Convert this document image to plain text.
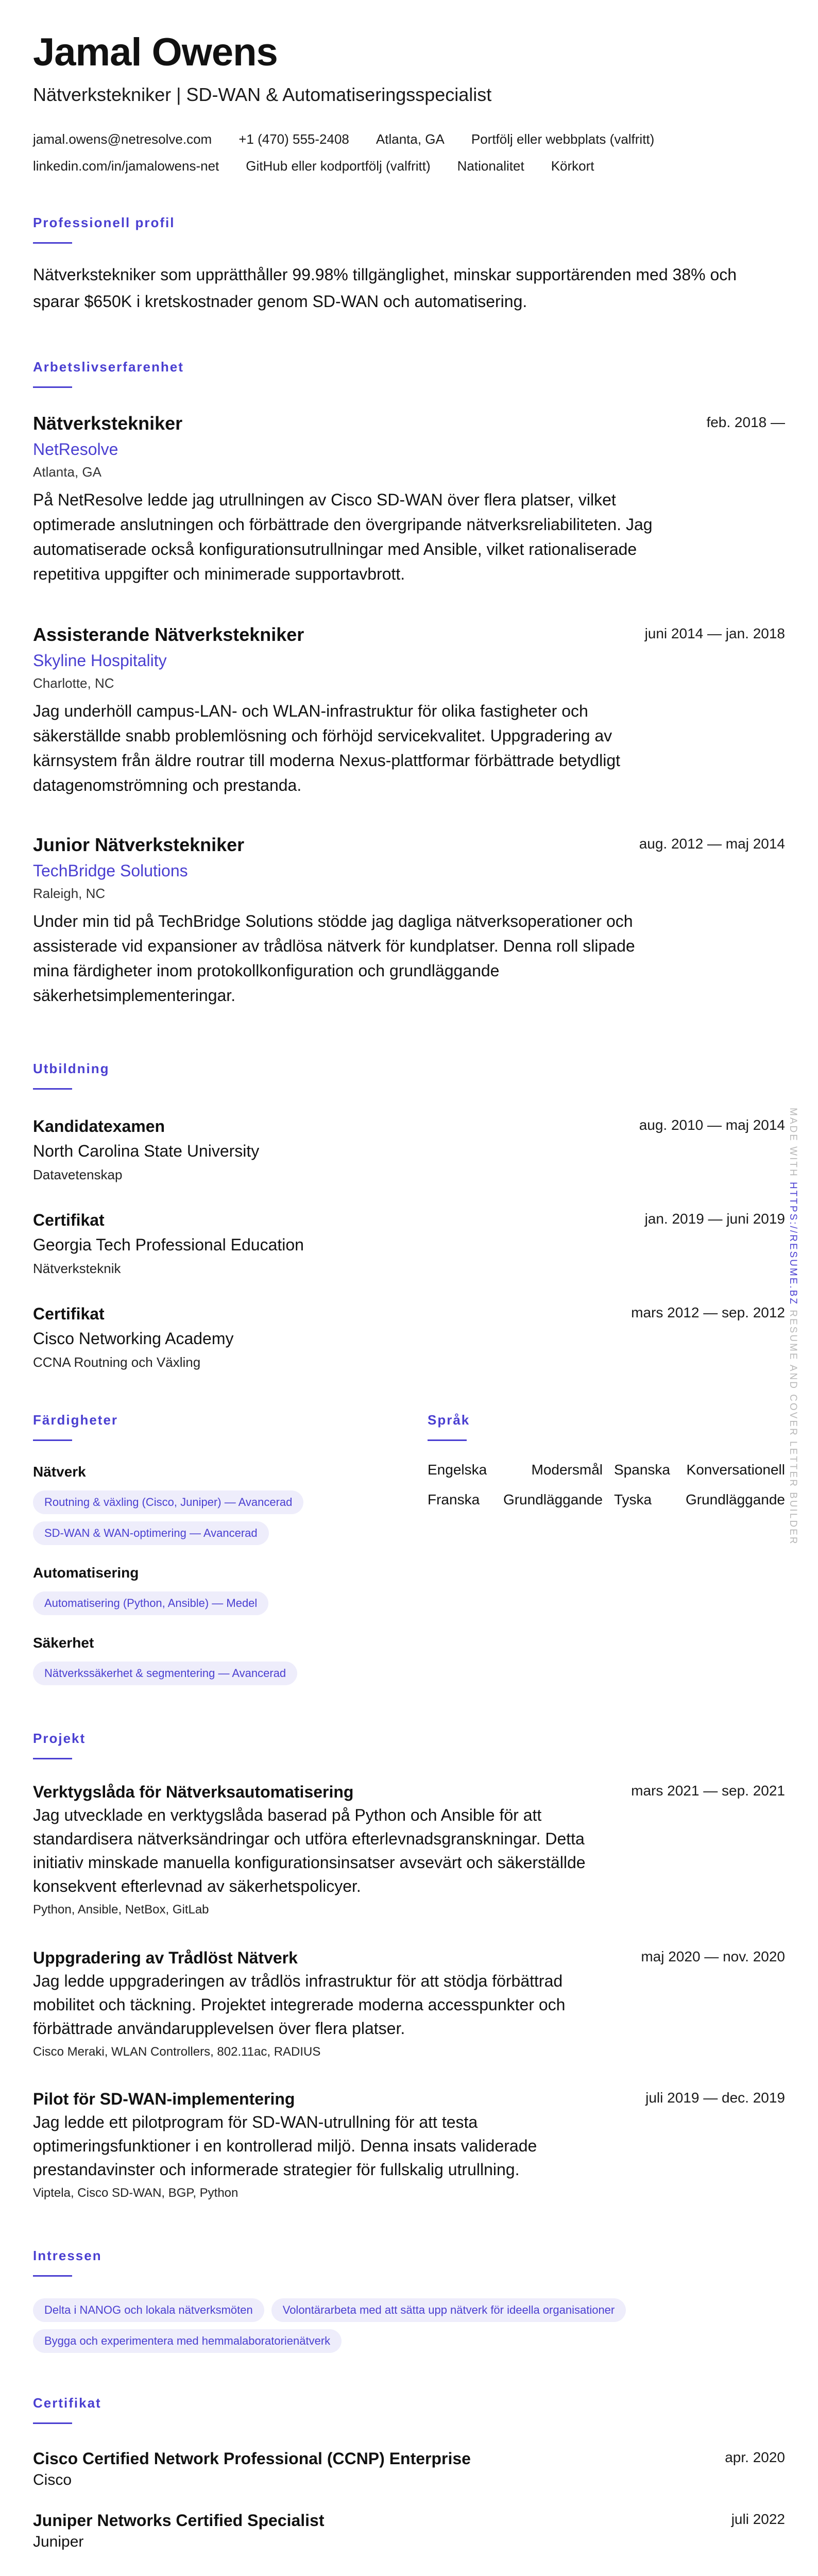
Jamal Owens
Nätverkstekniker | SD-WAN & Automatiseringsspecialist
jamal.owens@netresolve.com +1 (470) 555-2408 Atlanta, GA Portfölj eller webbplats (valfritt)
linkedin.com/in/jamalowens-net GitHub eller kodportfölj (valfritt) Nationalitet Körkort
Professionell profil
Nätverkstekniker som upprätthåller 99.98% tillgänglighet, minskar supportärenden med 38% och sparar $650K i kretskostnader genom SD-WAN och automatisering.
Arbetslivserfarenhet
Nätverkstekniker	feb. 2018 —
NetResolve
Atlanta, GA
På NetResolve ledde jag utrullningen av Cisco SD-WAN över flera platser, vilket optimerade anslutningen och förbättrade den övergripande nätverksreliabiliteten. Jag automatiserade också konfigurationsutrullningar med Ansible, vilket rationaliserade repetitiva uppgifter och minimerade supportavbrott.
Assisterande Nätverkstekniker	juni 2014 — jan. 2018
Skyline Hospitality
Charlotte, NC
Jag underhöll campus-LAN- och WLAN-infrastruktur för olika fastigheter och säkerställde snabb problemlösning och förhöjd servicekvalitet. Uppgradering av kärnsystem från äldre routrar till moderna Nexus-plattformar förbättrade betydligt datagenomströmning och prestanda.
Junior Nätverkstekniker	aug. 2012 — maj 2014
TechBridge Solutions
Raleigh, NC
Under min tid på TechBridge Solutions stödde jag dagliga nätverksoperationer och assisterade vid expansioner av trådlösa nätverk för kundplatser. Denna roll slipade mina färdigheter inom protokollkonfiguration och grundläggande säkerhetsimplementeringar.
Utbildning
Kandidatexamen	aug. 2010 — maj 2014
North Carolina State University
Datavetenskap
Certifikat	jan. 2019 — juni 2019
Georgia Tech Professional Education
Nätverksteknik
Certifikat	mars 2012 — sep. 2012
Cisco Networking Academy
CCNA Routning och Växling
Färdigheter
Nätverk
Routning & växling (Cisco, Juniper) — Avancerad
SD-WAN & WAN-optimering — Avancerad
Automatisering
Automatisering (Python, Ansible) — Medel
Säkerhet
Nätverkssäkerhet & segmentering — Avancerad
Språk
Engelska	Modersmål Spanska Konversationell
Franska Grundläggande Tyska Grundläggande
Projekt
Verktygslåda för Nätverksautomatisering	mars 2021 — sep. 2021
Jag utvecklade en verktygslåda baserad på Python och Ansible för att standardisera nätverksändringar och utföra efterlevnadsgranskningar. Detta initiativ minskade manuella konfigurationsinsatser avsevärt och säkerställde konsekvent efterlevnad av säkerhetspolicyer.
Python, Ansible, NetBox, GitLab
Uppgradering av Trådlöst Nätverk	maj 2020 — nov. 2020
Jag ledde uppgraderingen av trådlös infrastruktur för att stödja förbättrad mobilitet och täckning. Projektet integrerade moderna accesspunkter och förbättrade användarupplevelsen över flera platser.
Cisco Meraki, WLAN Controllers, 802.11ac, RADIUS
Pilot för SD-WAN-implementering	juli 2019 — dec. 2019
Jag ledde ett pilotprogram för SD-WAN-utrullning för att testa optimeringsfunktioner i en kontrollerad miljö. Denna insats validerade prestandavinster och informerade strategier för fullskalig utrullning.
Viptela, Cisco SD-WAN, BGP, Python
Intressen
Delta i NANOG och lokala nätverksmöten	Volontärarbeta med att sätta upp nätverk för ideella organisationer
Bygga och experimentera med hemmalaboratorienätverk
Certifikat
Cisco Certified Network Professional (CCNP) Enterprise	apr. 2020
Cisco
Juniper Networks Certified Specialist	juli 2022
Juniper
MADE WITH HTTPS://RESUME.BZ RESUME AND COVER LETTER BUILDER
